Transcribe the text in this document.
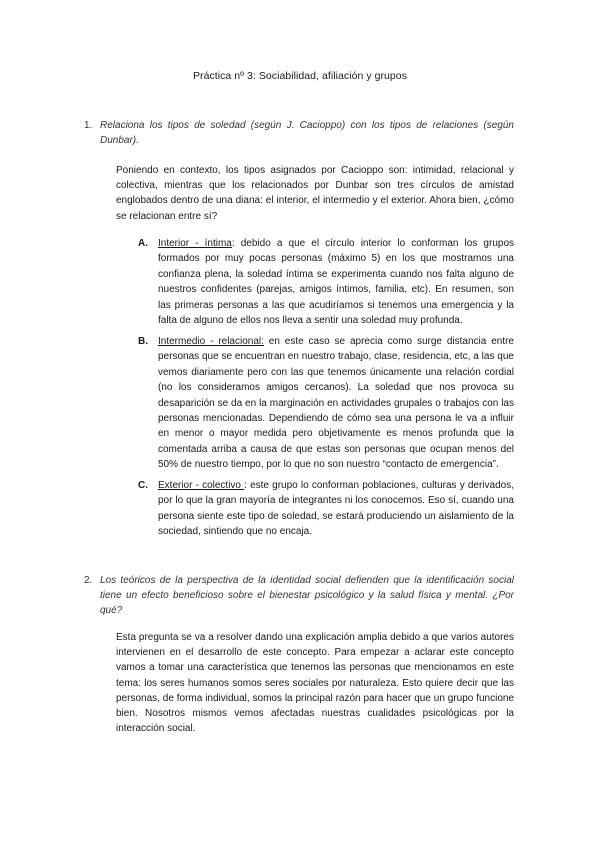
Práctica nº 3: Sociabilidad, afiliación y grupos
1. Relaciona los tipos de soledad (según J. Cacioppo) con los tipos de relaciones (según Dunbar).
Poniendo en contexto, los tipos asignados por Cacioppo son: intimidad, relacional y colectiva, mientras que los relacionados por Dunbar son tres círculos de amistad englobados dentro de una diana: el interior, el intermedio y el exterior. Ahora bien, ¿cómo se relacionan entre sí?
A. Interior - íntima: debido a que el círculo interior lo conforman los grupos formados por muy pocas personas (máximo 5) en los que mostramos una confianza plena, la soledad íntima se experimenta cuando nos falta alguno de nuestros confidentes (parejas, amigos íntimos, familia, etc). En resumen, son las primeras personas a las que acudiríamos si tenemos una emergencia y la falta de alguno de ellos nos lleva a sentir una soledad muy profunda.
B. Intermedio - relacional: en este caso se aprecia como surge distancia entre personas que se encuentran en nuestro trabajo, clase, residencia, etc, a las que vemos diariamente pero con las que tenemos únicamente una relación cordial (no los consideramos amigos cercanos). La soledad que nos provoca su desaparición se da en la marginación en actividades grupales o trabajos con las personas mencionadas. Dependiendo de cómo sea una persona le va a influir en menor o mayor medida pero objetivamente es menos profunda que la comentada arriba a causa de que estas son personas que ocupan menos del 50% de nuestro tiempo, por lo que no son nuestro “contacto de emergencia”.
C. Exterior - colectivo : este grupo lo conforman poblaciones, culturas y derivados, por lo que la gran mayoría de integrantes ni los conocemos. Eso sí, cuando una persona siente este tipo de soledad, se estará produciendo un aislamiento de la sociedad, sintiendo que no encaja.
2. Los teóricos de la perspectiva de la identidad social defienden que la identificación social tiene un efecto beneficioso sobre el bienestar psicológico y la salud física y mental. ¿Por qué?
Esta pregunta se va a resolver dando una explicación amplia debido a que varios autores intervienen en el desarrollo de este concepto. Para empezar a aclarar este concepto vamos a tomar una característica que tenemos las personas que mencionamos en este tema: los seres humanos somos seres sociales por naturaleza. Esto quiere decir que las personas, de forma individual, somos la principal razón para hacer que un grupo funcione bien. Nosotros mismos vemos afectadas nuestras cualidades psicológicas por la interacción social.
